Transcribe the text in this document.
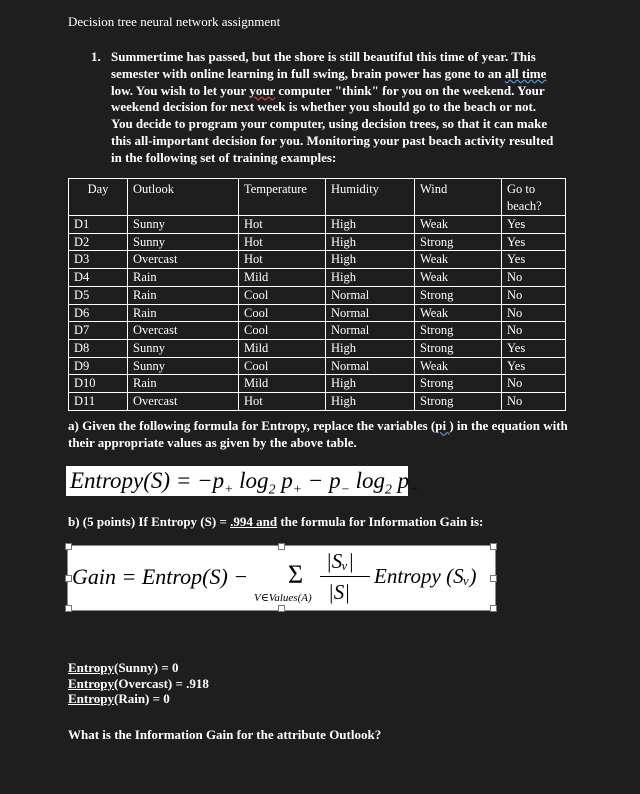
Decision tree neural network assignment
1. Summertime has passed, but the shore is still beautiful this time of year. This
semester with online learning in full swing, brain power has gone to an all time
low. You wish to let your your computer "think" for you on the weekend. Your
weekend decision for next week is whether you should go to the beach or not.
You decide to program your computer, using decision trees, so that it can make
this all-important decision for you. Monitoring your past beach activity resulted
in the following set of training examples:
Day	Outlook	Temperature	Humidity	Wind	Go to beach?
D1	Sunny	Hot	High	Weak	Yes
D2	Sunny	Hot	High	Strong	Yes
D3	Overcast	Hot	High	Weak	Yes
D4	Rain	Mild	High	Weak	No
D5	Rain	Cool	Normal	Strong	No
D6	Rain	Cool	Normal	Weak	No
D7	Overcast	Cool	Normal	Strong	No
D8	Sunny	Mild	High	Strong	Yes
D9	Sunny	Cool	Normal	Weak	Yes
D10	Rain	Mild	High	Strong	No
D11	Overcast	Hot	High	Strong	No
a) Given the following formula for Entropy, replace the variables (pi ) in the equation with their appropriate values as given by the above table.
Entropy(S) = $-p_+$ $\log_2 p_+ - p_-$ $\log_2 p_-$
b) (5 points) If Entropy (S) = .994 and the formula for Information Gain is:
Gain = Entrop(S) − Σ
V∈Values(A)
|Sᵥ|
|S|
Entropy (Sᵥ)
Entropy(Sunny) = 0
Entropy(Overcast) = .918
Entropy(Rain) = 0
What is the Information Gain for the attribute Outlook?
